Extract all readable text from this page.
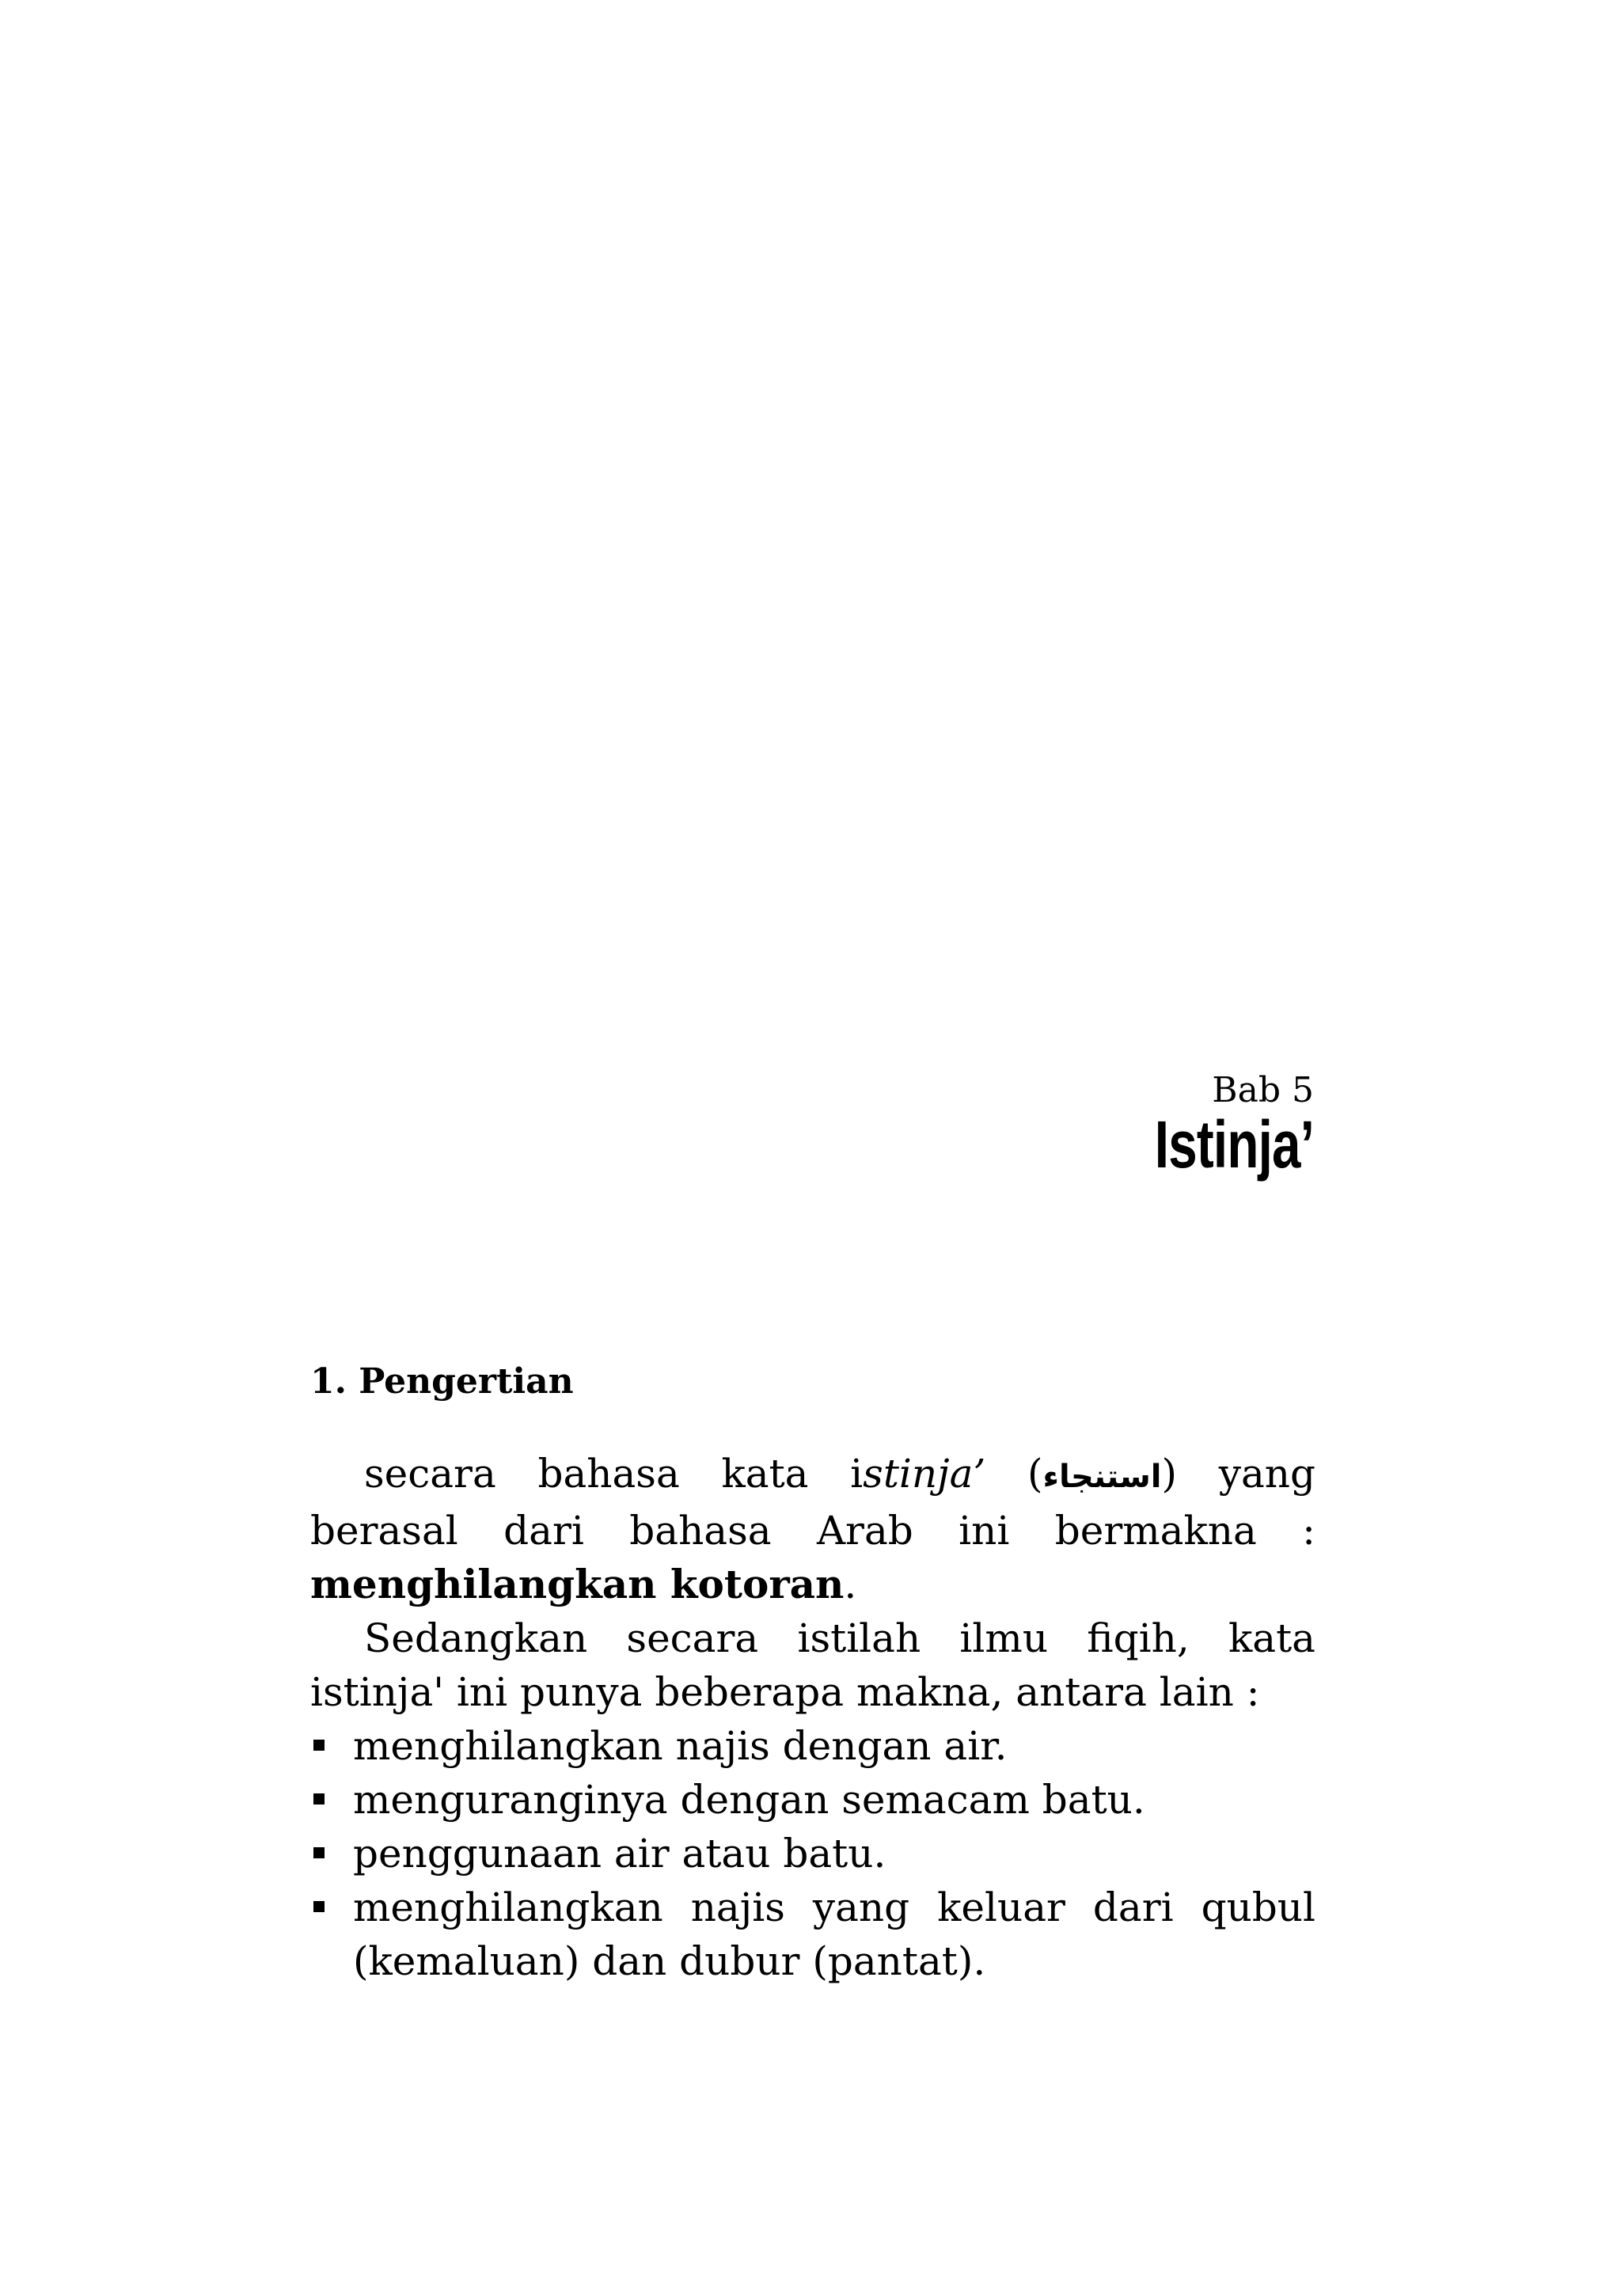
Bab 5
Istinja’
1. Pengertian

secara bahasa kata istinja’ (استنجاء) yang berasal dari bahasa Arab ini bermakna : menghilangkan kotoran.

Sedangkan secara istilah ilmu fiqih, kata istinja' ini punya beberapa makna, antara lain :

menghilangkan najis dengan air.
menguranginya dengan semacam batu.
penggunaan air atau batu.
menghilangkan najis yang keluar dari qubul (kemaluan) dan dubur (pantat).
